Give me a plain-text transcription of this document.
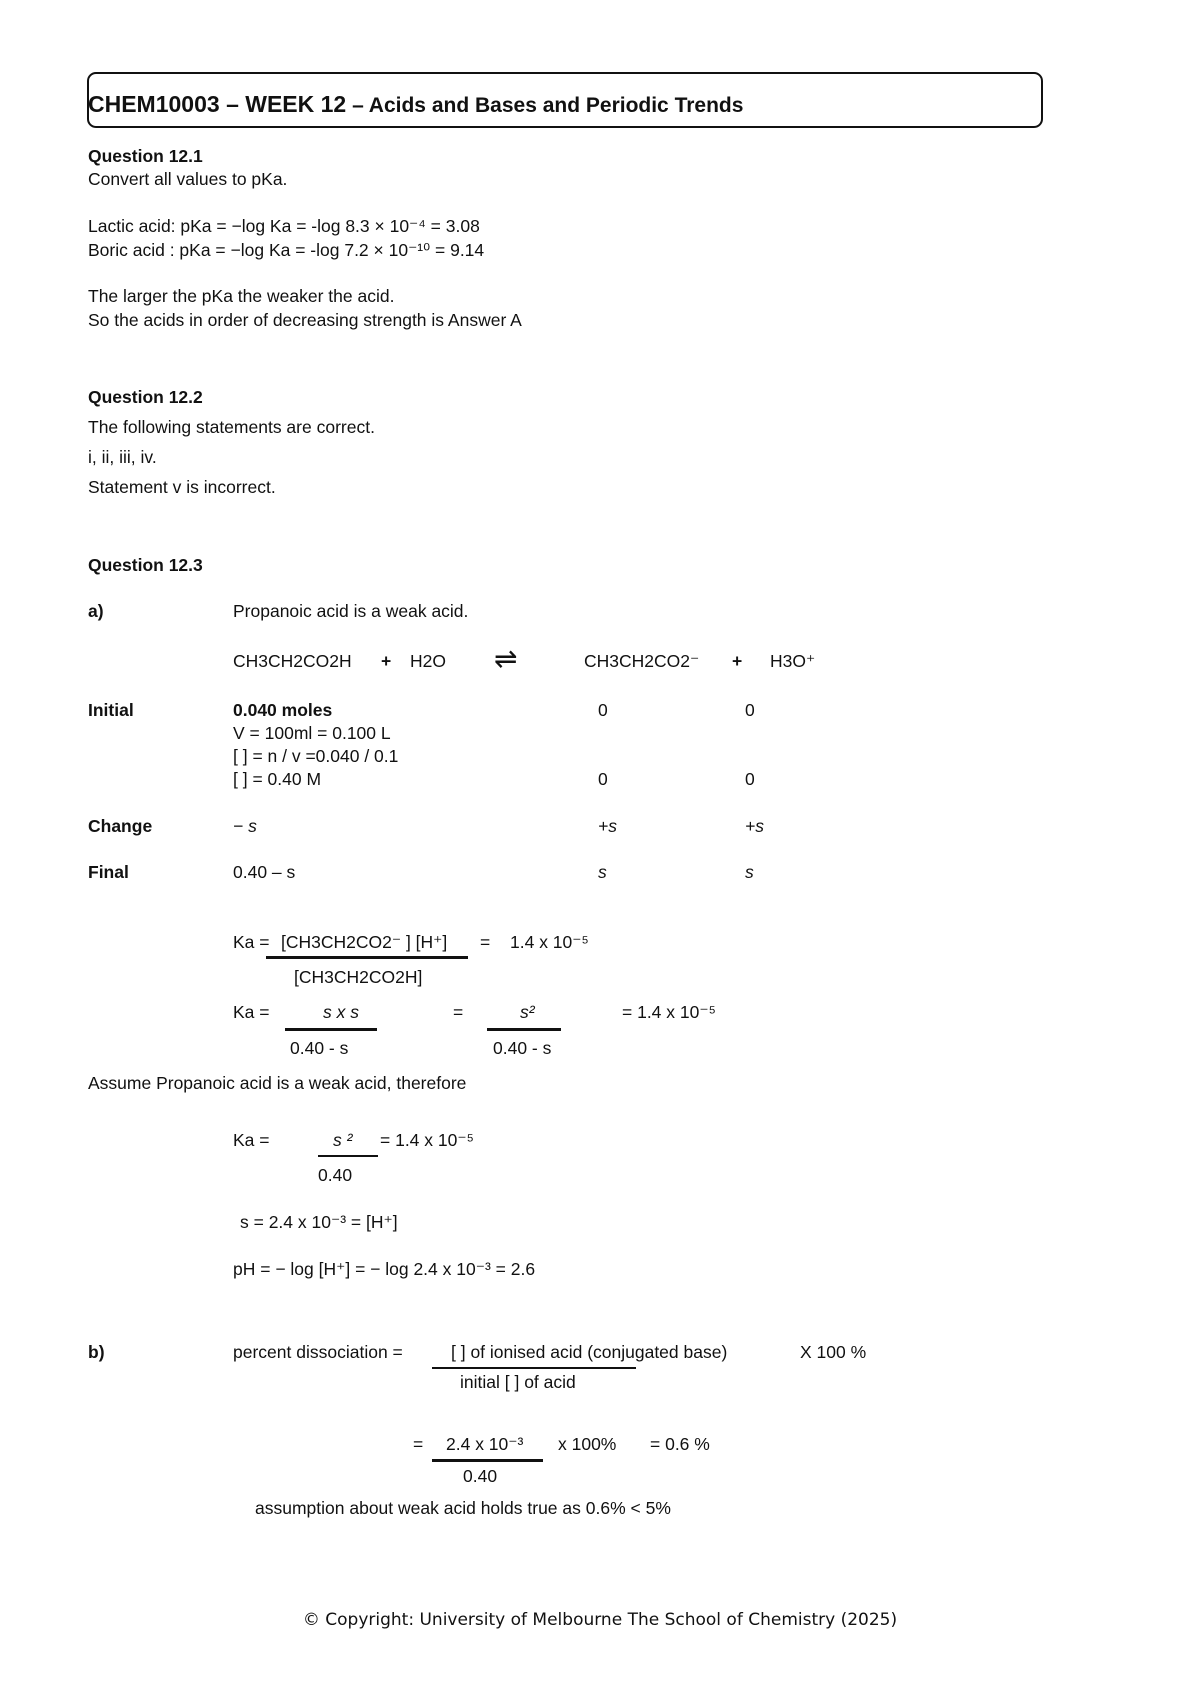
CHEM10003 – WEEK 12 – Acids and Bases and Periodic Trends
Question 12.1
Convert all values to pKa.
Lactic acid: pKa = −log Ka = -log 8.3 × 10⁻⁴ = 3.08
Boric acid : pKa = −log Ka = -log 7.2 × 10⁻¹⁰ = 9.14
The larger the pKa the weaker the acid.
So the acids in order of decreasing strength is Answer A
Question 12.2
The following statements are correct.
i, ii, iii, iv.
Statement v is incorrect.
Question 12.3
a)	Propanoic acid is a weak acid.
CH3CH2CO2H + H2O ⇌	CH3CH2CO2⁻ + H3O⁺
Initial	0.040 moles	0	0
V = 100ml = 0.100 L
[ ] = n / v =0.040 / 0.1
[ ] = 0.40 M	0	0
Change	− s	+s	+s
Final	0.40 – s	s	s
Ka = [CH3CH2CO2⁻ ] [H⁺] = 1.4 x 10⁻⁵
[CH3CH2CO2H]
Ka =	s x s
0.40 - s
=	s²
0.40 - s
= 1.4 x 10⁻⁵
Assume Propanoic acid is a weak acid, therefore
Ka =	s ² = 1.4 x 10⁻⁵
0.40
s = 2.4 x 10⁻³ = [H⁺]
pH = − log [H⁺] = − log 2.4 x 10⁻³ = 2.6
b)	percent dissociation =	[ ] of ionised acid (conjugated base)	X 100 %
initial [ ] of acid
= 2.4 x 10⁻³ x 100% = 0.6 %
0.40
assumption about weak acid holds true as 0.6% < 5%
© Copyright: University of Melbourne The School of Chemistry (2025)
